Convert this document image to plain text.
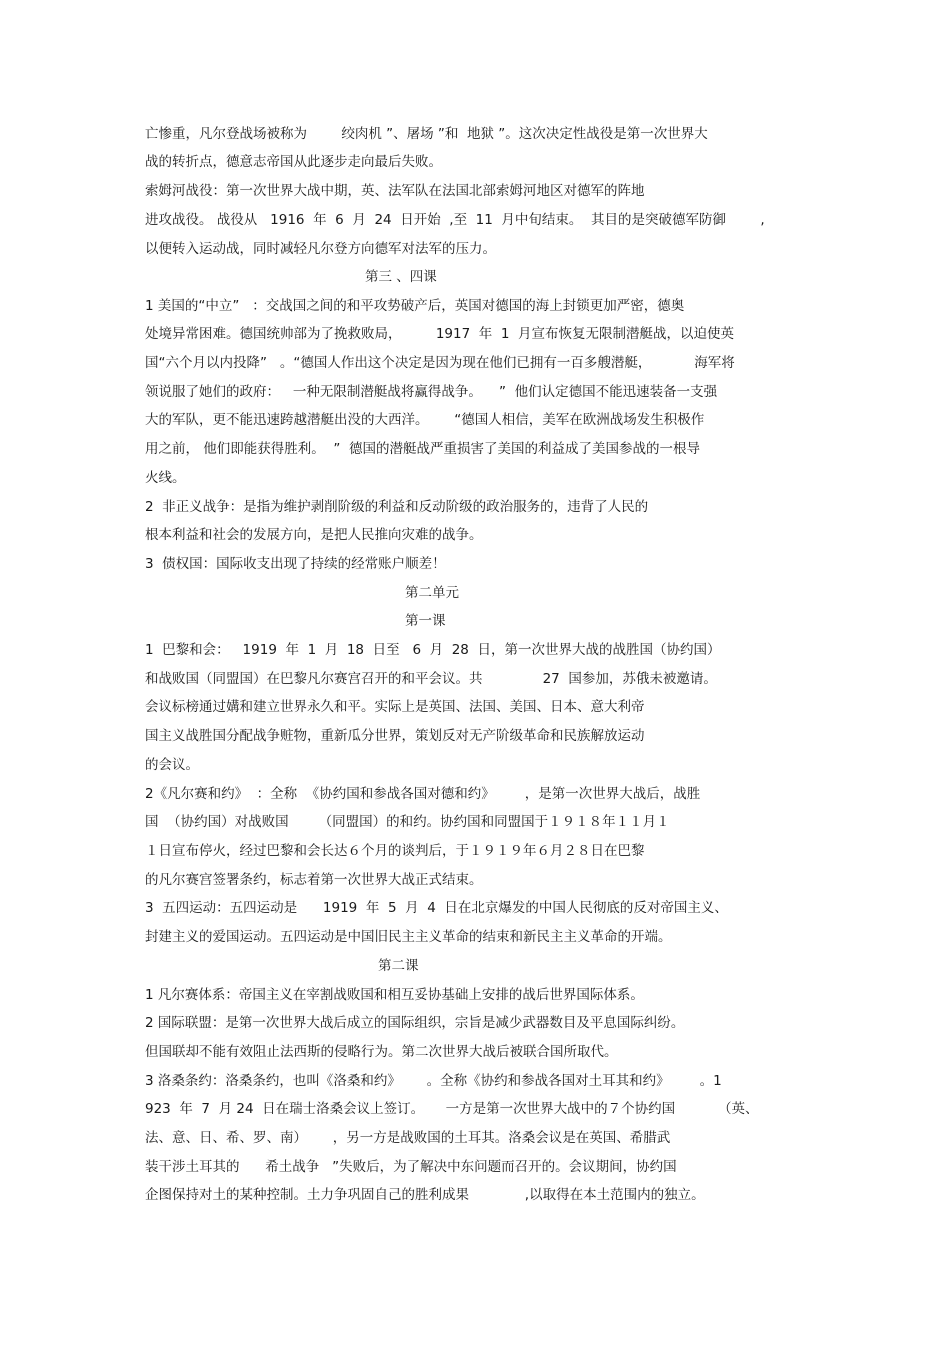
亡惨重，凡尔登战场被称为        绞肉机 ”、屠场 ”和  地狱 ”。这次决定性战役是第一次世界大
战的转折点，德意志帝国从此逐步走向最后失败。
索姆河战役：第一次世界大战中期，英、法军队在法国北部索姆河地区对德军的阵地
进攻战役。 战役从   1916  年  6  月  24  日开始  ,至  11  月中旬结束。  其目的是突破德军防御        ,
以便转入运动战，同时减轻凡尔登方向德军对法军的压力。
第三 、四课
1 美国的“中立”   ：交战国之间的和平攻势破产后，英国对德国的海上封锁更加严密，德奥
处境异常困难。德国统帅部为了挽救败局，        1917  年  1  月宣布恢复无限制潜艇战，以迫使英
国“六个月以内投降”   。“德国人作出这个决定是因为现在他们已拥有一百多艘潜艇，          海军将
领说服了她们的政府：   一种无限制潜艇战将赢得战争。    ”  他们认定德国不能迅速装备一支强
大的军队，更不能迅速跨越潜艇出没的大西洋。      “德国人相信，美军在欧洲战场发生积极作
用之前， 他们即能获得胜利。  ”  德国的潜艇战严重损害了美国的利益成了美国参战的一根导
火线。
2  非正义战争：是指为维护剥削阶级的利益和反动阶级的政治服务的，违背了人民的
根本利益和社会的发展方向，是把人民推向灾难的战争。
3  债权国：国际收支出现了持续的经常账户顺差！
第二单元
第一课
1  巴黎和会：   1919  年  1  月  18  日至   6  月  28  日，第一次世界大战的战胜国（协约国）
和战败国（同盟国）在巴黎凡尔赛宫召开的和平会议。共              27  国参加，苏俄未被邀请。
会议标榜通过媾和建立世界永久和平。实际上是英国、法国、美国、日本、意大利帝
国主义战胜国分配战争赃物，重新瓜分世界，策划反对无产阶级革命和民族解放运动
的会议。
2《凡尔赛和约》  ：全称  《协约国和参战各国对德和约》       ，是第一次世界大战后，战胜
国  （协约国）对战败国       （同盟国）的和约。协约国和同盟国于１９１８年１１月１
１日宣布停火，经过巴黎和会长达６个月的谈判后，于１９１９年６月２８日在巴黎
的凡尔赛宫签署条约，标志着第一次世界大战正式结束。
3  五四运动：五四运动是      1919  年  5  月  4  日在北京爆发的中国人民彻底的反对帝国主义、
封建主义的爱国运动。五四运动是中国旧民主主义革命的结束和新民主主义革命的开端。
第二课
1 凡尔赛体系：帝国主义在宰割战败国和相互妥协基础上安排的战后世界国际体系。
2 国际联盟：是第一次世界大战后成立的国际组织，宗旨是减少武器数目及平息国际纠纷。
但国联却不能有效阻止法西斯的侵略行为。第二次世界大战后被联合国所取代。
3 洛桑条约：洛桑条约，也叫《洛桑和约》      。全称《协约和参战各国对土耳其和约》       。1
923  年  7  月 24  日在瑞士洛桑会议上签订。     一方是第一次世界大战中的７个协约国          （英、
法、意、日、希、罗、南）      ，另一方是战败国的土耳其。洛桑会议是在英国、希腊武
装干涉土耳其的      希土战争   ”失败后，为了解决中东问题而召开的。会议期间，协约国
企图保持对土的某种控制。土力争巩固自己的胜利成果             ,以取得在本土范围内的独立。
